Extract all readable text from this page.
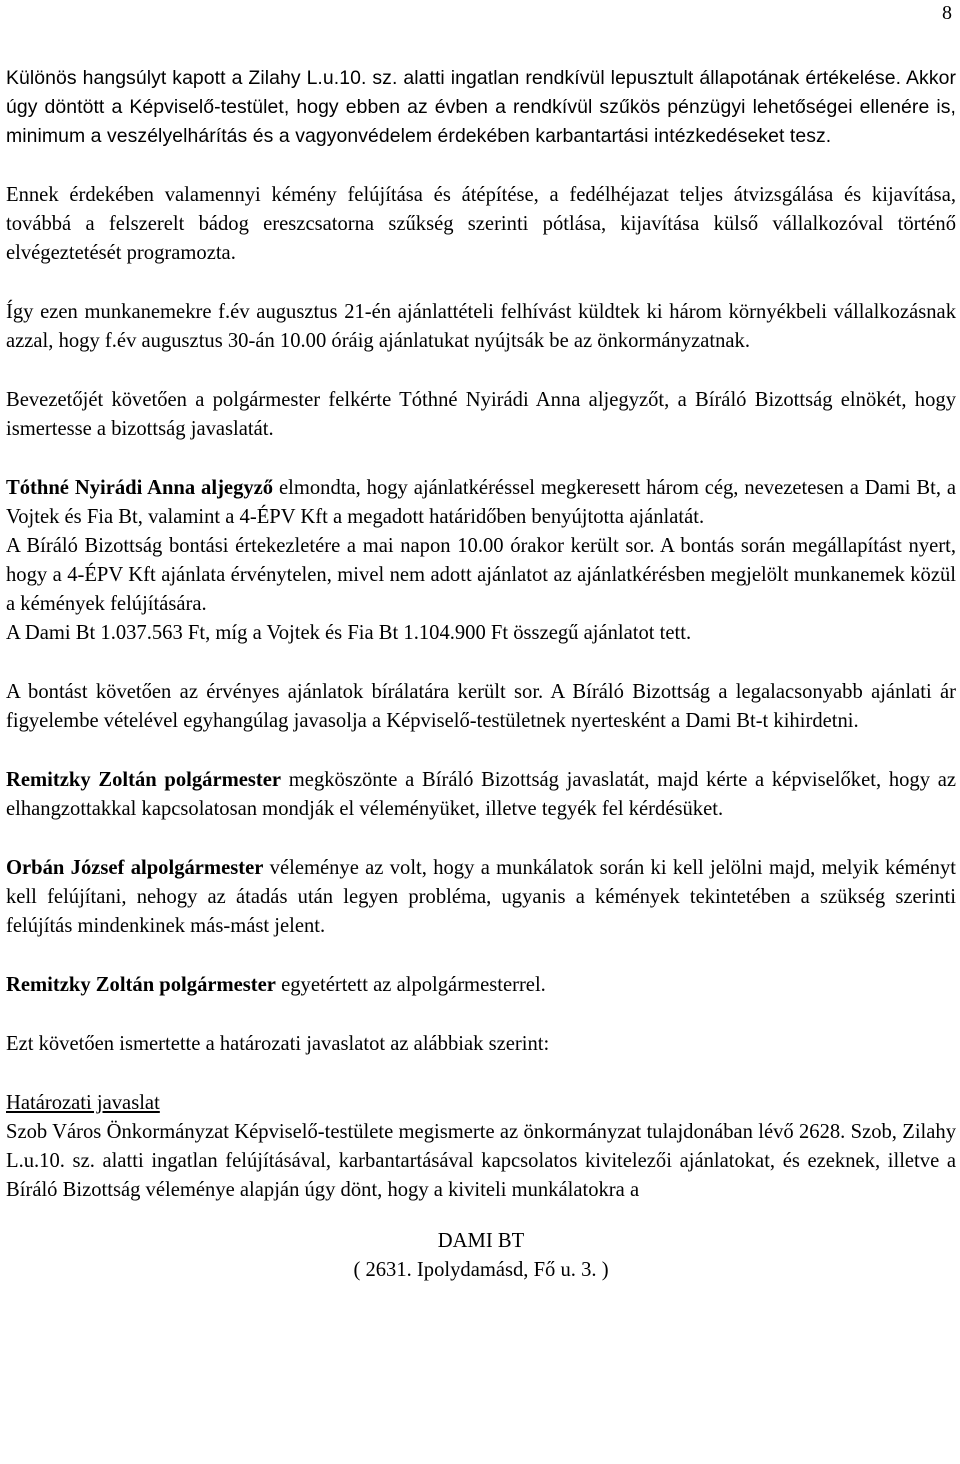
8

Különös hangsúlyt kapott a Zilahy L.u.10. sz. alatti ingatlan rendkívül lepusztult állapotának értékelése. Akkor úgy döntött a Képviselő-testület, hogy ebben az évben a rendkívül szűkös pénzügyi lehetőségei ellenére is, minimum a veszélyelhárítás és a vagyonvédelem érdekében karbantartási intézkedéseket tesz.

Ennek érdekében valamennyi kémény felújítása és átépítése, a fedélhéjazat teljes átvizsgálása és kijavítása, továbbá a felszerelt bádog ereszcsatorna szűkség szerinti pótlása, kijavítása külső vállalkozóval történő elvégeztetését programozta.

Így ezen munkanemekre f.év augusztus 21-én ajánlattételi felhívást küldtek ki három környékbeli vállalkozásnak azzal, hogy f.év augusztus 30-án 10.00 óráig ajánlatukat nyújtsák be az önkormányzatnak.

Bevezetőjét követően a polgármester felkérte Tóthné Nyirádi Anna aljegyzőt, a Bíráló Bizottság elnökét, hogy ismertesse a bizottság javaslatát.

Tóthné Nyirádi Anna aljegyző elmondta, hogy ajánlatkéréssel megkeresett három cég, nevezetesen a Dami Bt, a Vojtek és Fia Bt, valamint a 4-ÉPV Kft a megadott határidőben benyújtotta ajánlatát.

A Bíráló Bizottság bontási értekezletére a mai napon 10.00 órakor került sor. A bontás során megállapítást nyert, hogy a 4-ÉPV Kft ajánlata érvénytelen, mivel nem adott ajánlatot az ajánlatkérésben megjelölt munkanemek közül a kémények felújítására.

A Dami Bt 1.037.563 Ft, míg a Vojtek és Fia Bt 1.104.900 Ft összegű ajánlatot tett.

A bontást követően az érvényes ajánlatok bírálatára került sor. A Bíráló Bizottság a legalacsonyabb ajánlati ár figyelembe vételével egyhangúlag javasolja a Képviselő-testületnek nyertesként a Dami Bt-t kihirdetni.

Remitzky Zoltán polgármester megköszönte a Bíráló Bizottság javaslatát, majd kérte a képviselőket, hogy az elhangzottakkal kapcsolatosan mondják el véleményüket, illetve tegyék fel kérdésüket.

Orbán József alpolgármester véleménye az volt, hogy a munkálatok során ki kell jelölni majd, melyik kéményt kell felújítani, nehogy az átadás után legyen probléma, ugyanis a kémények tekintetében a szükség szerinti felújítás mindenkinek más-mást jelent.

Remitzky Zoltán polgármester egyetértett az alpolgármesterrel.

Ezt követően ismertette a határozati javaslatot az alábbiak szerint:

Határozati javaslat

Szob Város Önkormányzat Képviselő-testülete megismerte az önkormányzat tulajdonában lévő 2628. Szob, Zilahy L.u.10. sz. alatti ingatlan felújításával, karbantartásával kapcsolatos kivitelezői ajánlatokat, és ezeknek, illetve a Bíráló Bizottság véleménye alapján úgy dönt, hogy a kiviteli munkálatokra a

DAMI BT
( 2631. Ipolydamásd, Fő u. 3. )
